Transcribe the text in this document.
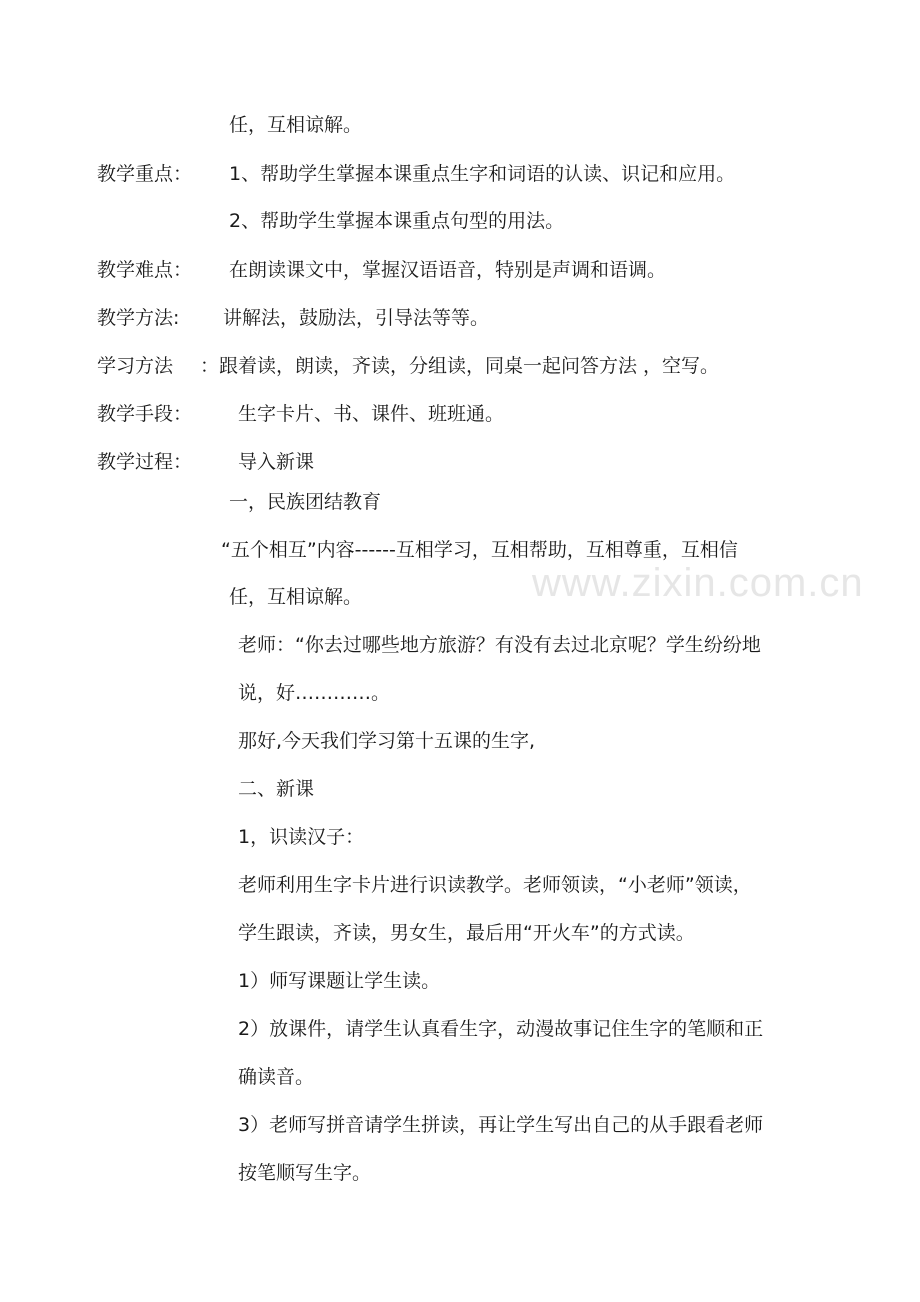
www.zixin.com.cn
任，互相谅解。
教学重点： 1、帮助学生掌握本课重点生字和词语的认读、识记和应用。
2、帮助学生掌握本课重点句型的用法。
教学难点： 在朗读课文中，掌握汉语语音，特别是声调和语调。
教学方法: 讲解法，鼓励法，引导法等等。
学习方法 ：跟着读，朗读，齐读，分组读，同桌一起问答方法 ，空写。
教学手段： 生字卡片、书、课件、班班通。
教学过程： 导入新课
一，民族团结教育
“五个相互”内容------互相学习，互相帮助，互相尊重，互相信
任，互相谅解。
老师：“你去过哪些地方旅游？有没有去过北京呢？学生纷纷地
说，好…………。
那好,今天我们学习第十五课的生字,
二、新课
1，识读汉子：
老师利用生字卡片进行识读教学。老师领读，“小老师”领读，
学生跟读，齐读，男女生，最后用“开火车”的方式读。
1）师写课题让学生读。
2）放课件，请学生认真看生字，动漫故事记住生字的笔顺和正
确读音。
3）老师写拼音请学生拼读，再让学生写出自己的从手跟看老师
按笔顺写生字。
